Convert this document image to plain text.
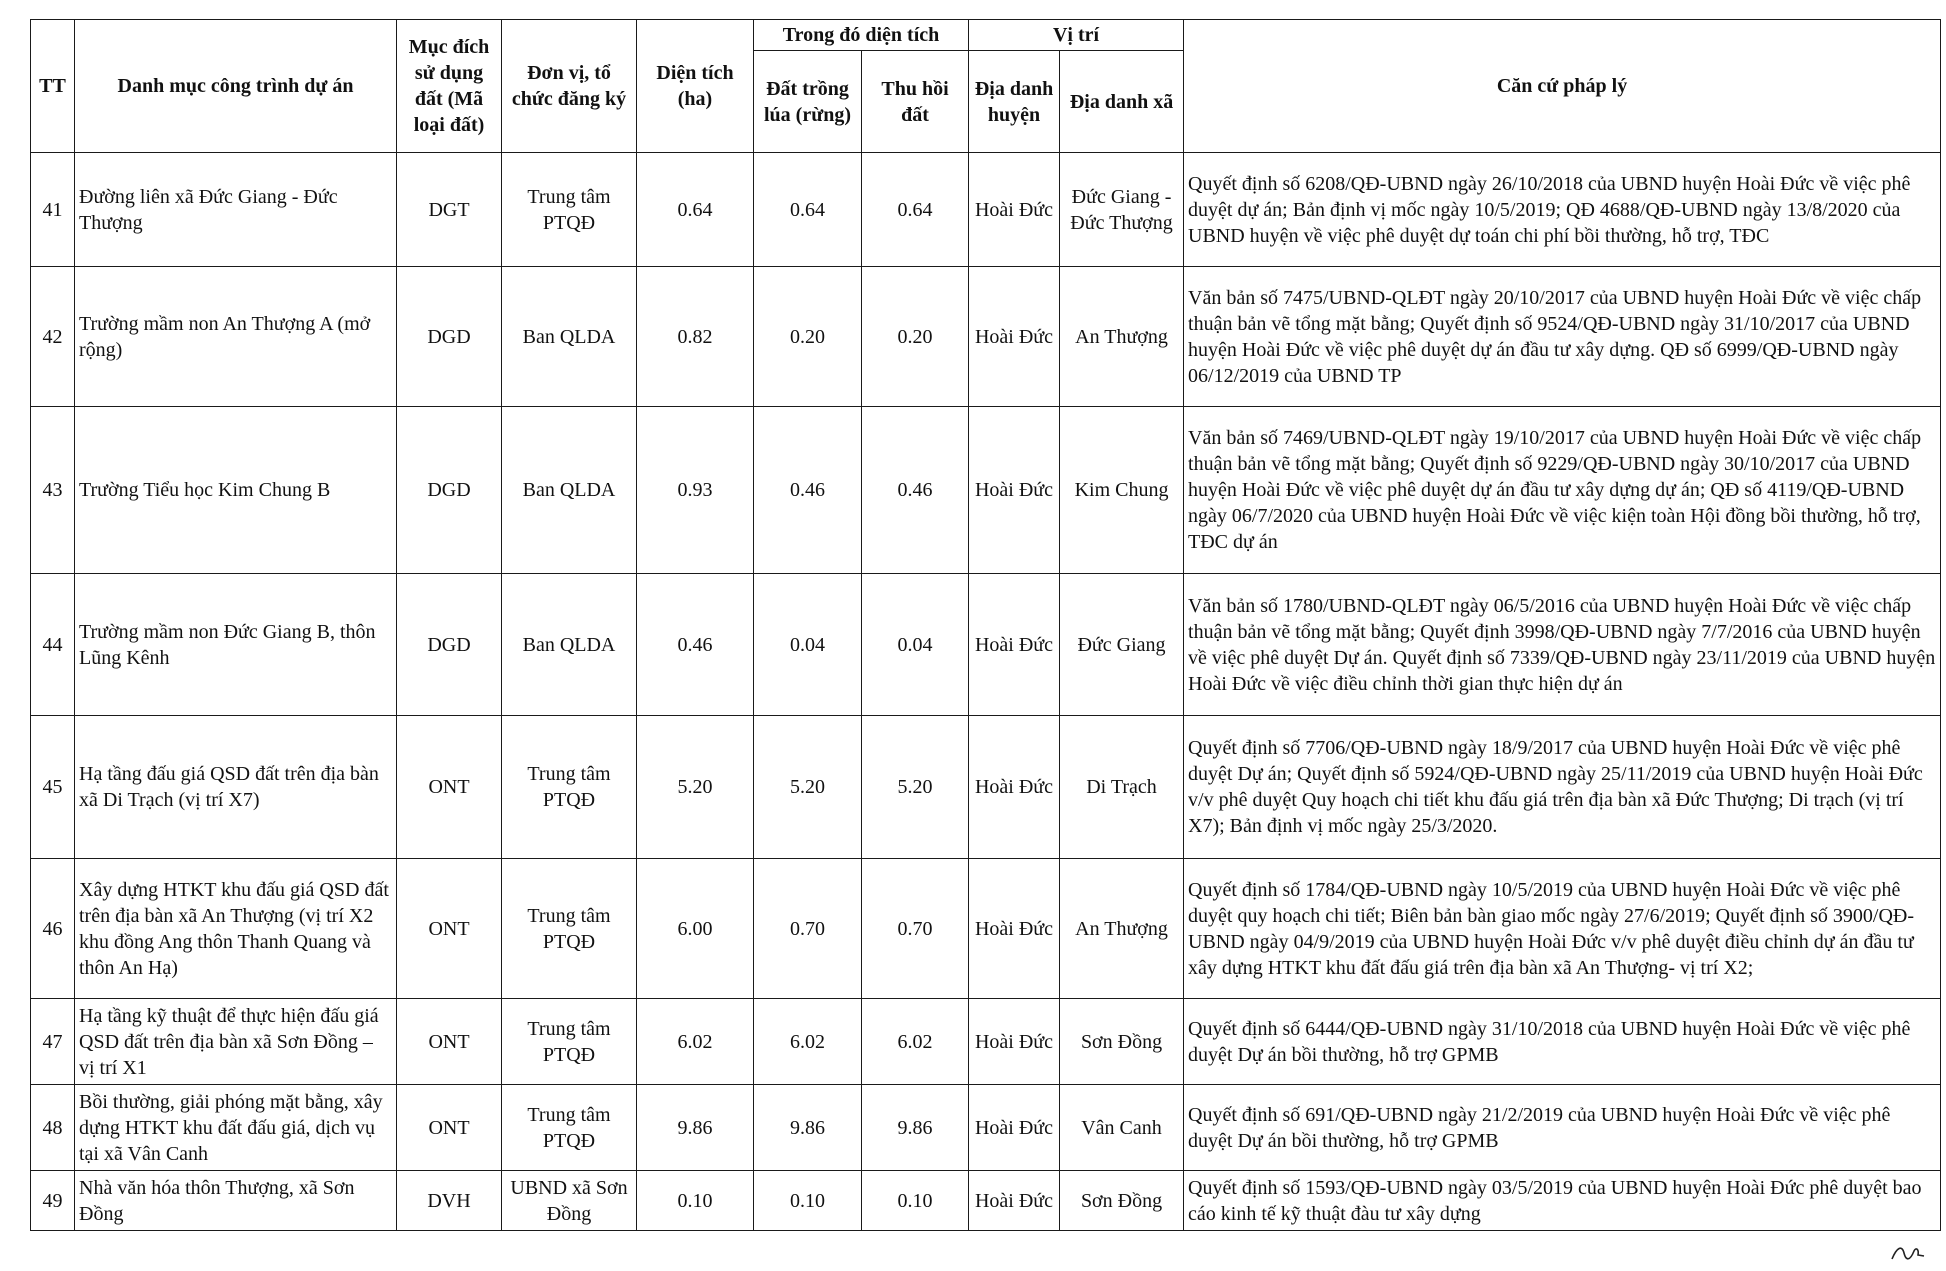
TT	Danh mục công trình dự án	Mục đích sử dụng đất (Mã loại đất)	Đơn vị, tổ chức đăng ký	Diện tích (ha)	Trong đó diện tích		Vị trí		Căn cứ pháp lý
					Đất trồng lúa (rừng)	Thu hồi đất	Địa danh huyện	Địa danh xã	
41	Đường liên xã Đức Giang - Đức Thượng	DGT	Trung tâm PTQĐ	0.64	0.64	0.64	Hoài Đức	Đức Giang - Đức Thượng	Quyết định số 6208/QĐ-UBND ngày 26/10/2018 của UBND huyện Hoài Đức về việc phê duyệt dự án; Bản định vị mốc ngày 10/5/2019; QĐ 4688/QĐ-UBND ngày 13/8/2020 của UBND huyện về việc phê duyệt dự toán chi phí bồi thường, hỗ trợ, TĐC
42	Trường mầm non An Thượng A (mở rộng)	DGD	Ban QLDA	0.82	0.20	0.20	Hoài Đức	An Thượng	Văn bản số 7475/UBND-QLĐT ngày 20/10/2017 của UBND huyện Hoài Đức về việc chấp thuận bản vẽ tổng mặt bằng; Quyết định số 9524/QĐ-UBND ngày 31/10/2017 của UBND huyện Hoài Đức về việc phê duyệt dự án đầu tư xây dựng. QĐ số 6999/QĐ-UBND ngày 06/12/2019 của UBND TP
43	Trường Tiểu học Kim Chung B	DGD	Ban QLDA	0.93	0.46	0.46	Hoài Đức	Kim Chung	Văn bản số 7469/UBND-QLĐT ngày 19/10/2017 của UBND huyện Hoài Đức về việc chấp thuận bản vẽ tổng mặt bằng; Quyết định số 9229/QĐ-UBND ngày 30/10/2017 của UBND huyện Hoài Đức về việc phê duyệt dự án đầu tư xây dựng dự án; QĐ số 4119/QĐ-UBND ngày 06/7/2020 của UBND huyện Hoài Đức về việc kiện toàn Hội đồng bồi thường, hỗ trợ, TĐC dự án
44	Trường mầm non Đức Giang B, thôn Lũng Kênh	DGD	Ban QLDA	0.46	0.04	0.04	Hoài Đức	Đức Giang	Văn bản số 1780/UBND-QLĐT ngày 06/5/2016 của UBND huyện Hoài Đức về việc chấp thuận bản vẽ tổng mặt bằng; Quyết định 3998/QĐ-UBND ngày 7/7/2016 của UBND huyện về việc phê duyệt Dự án. Quyết định số 7339/QĐ-UBND ngày 23/11/2019 của UBND huyện Hoài Đức về việc điều chỉnh thời gian thực hiện dự án
45	Hạ tầng đấu giá QSD đất trên địa bàn xã Di Trạch (vị trí X7)	ONT	Trung tâm PTQĐ	5.20	5.20	5.20	Hoài Đức	Di Trạch	Quyết định số 7706/QĐ-UBND ngày 18/9/2017 của UBND huyện Hoài Đức về việc phê duyệt Dự án; Quyết định số 5924/QĐ-UBND ngày 25/11/2019 của UBND huyện Hoài Đức v/v phê duyệt Quy hoạch chi tiết khu đấu giá trên địa bàn xã Đức Thượng; Di trạch (vị trí X7); Bản định vị mốc ngày 25/3/2020.
46	Xây dựng HTKT khu đấu giá QSD đất trên địa bàn xã An Thượng (vị trí X2 khu đồng Ang thôn Thanh Quang và thôn An Hạ)	ONT	Trung tâm PTQĐ	6.00	0.70	0.70	Hoài Đức	An Thượng	Quyết định số 1784/QĐ-UBND ngày 10/5/2019 của UBND huyện Hoài Đức về việc phê duyệt quy hoạch chi tiết; Biên bản bàn giao mốc ngày 27/6/2019; Quyết định số 3900/QĐ-UBND ngày 04/9/2019 của UBND huyện Hoài Đức v/v phê duyệt điều chỉnh dự án đầu tư xây dựng HTKT khu đất đấu giá trên địa bàn xã An Thượng- vị trí X2;
47	Hạ tầng kỹ thuật để thực hiện đấu giá QSD đất trên địa bàn xã Sơn Đồng – vị trí X1	ONT	Trung tâm PTQĐ	6.02	6.02	6.02	Hoài Đức	Sơn Đồng	Quyết định số 6444/QĐ-UBND ngày 31/10/2018 của UBND huyện Hoài Đức về việc phê duyệt Dự án bồi thường, hỗ trợ GPMB
48	Bồi thường, giải phóng mặt bằng, xây dựng HTKT khu đất đấu giá, dịch vụ tại xã Vân Canh	ONT	Trung tâm PTQĐ	9.86	9.86	9.86	Hoài Đức	Vân Canh	Quyết định số 691/QĐ-UBND ngày 21/2/2019 của UBND huyện Hoài Đức về việc phê duyệt Dự án bồi thường, hỗ trợ GPMB
49	Nhà văn hóa thôn Thượng, xã Sơn Đồng	DVH	UBND xã Sơn Đồng	0.10	0.10	0.10	Hoài Đức	Sơn Đồng	Quyết định số 1593/QĐ-UBND ngày 03/5/2019 của UBND huyện Hoài Đức phê duyệt bao cáo kinh tế kỹ thuật đàu tư xây dựng
